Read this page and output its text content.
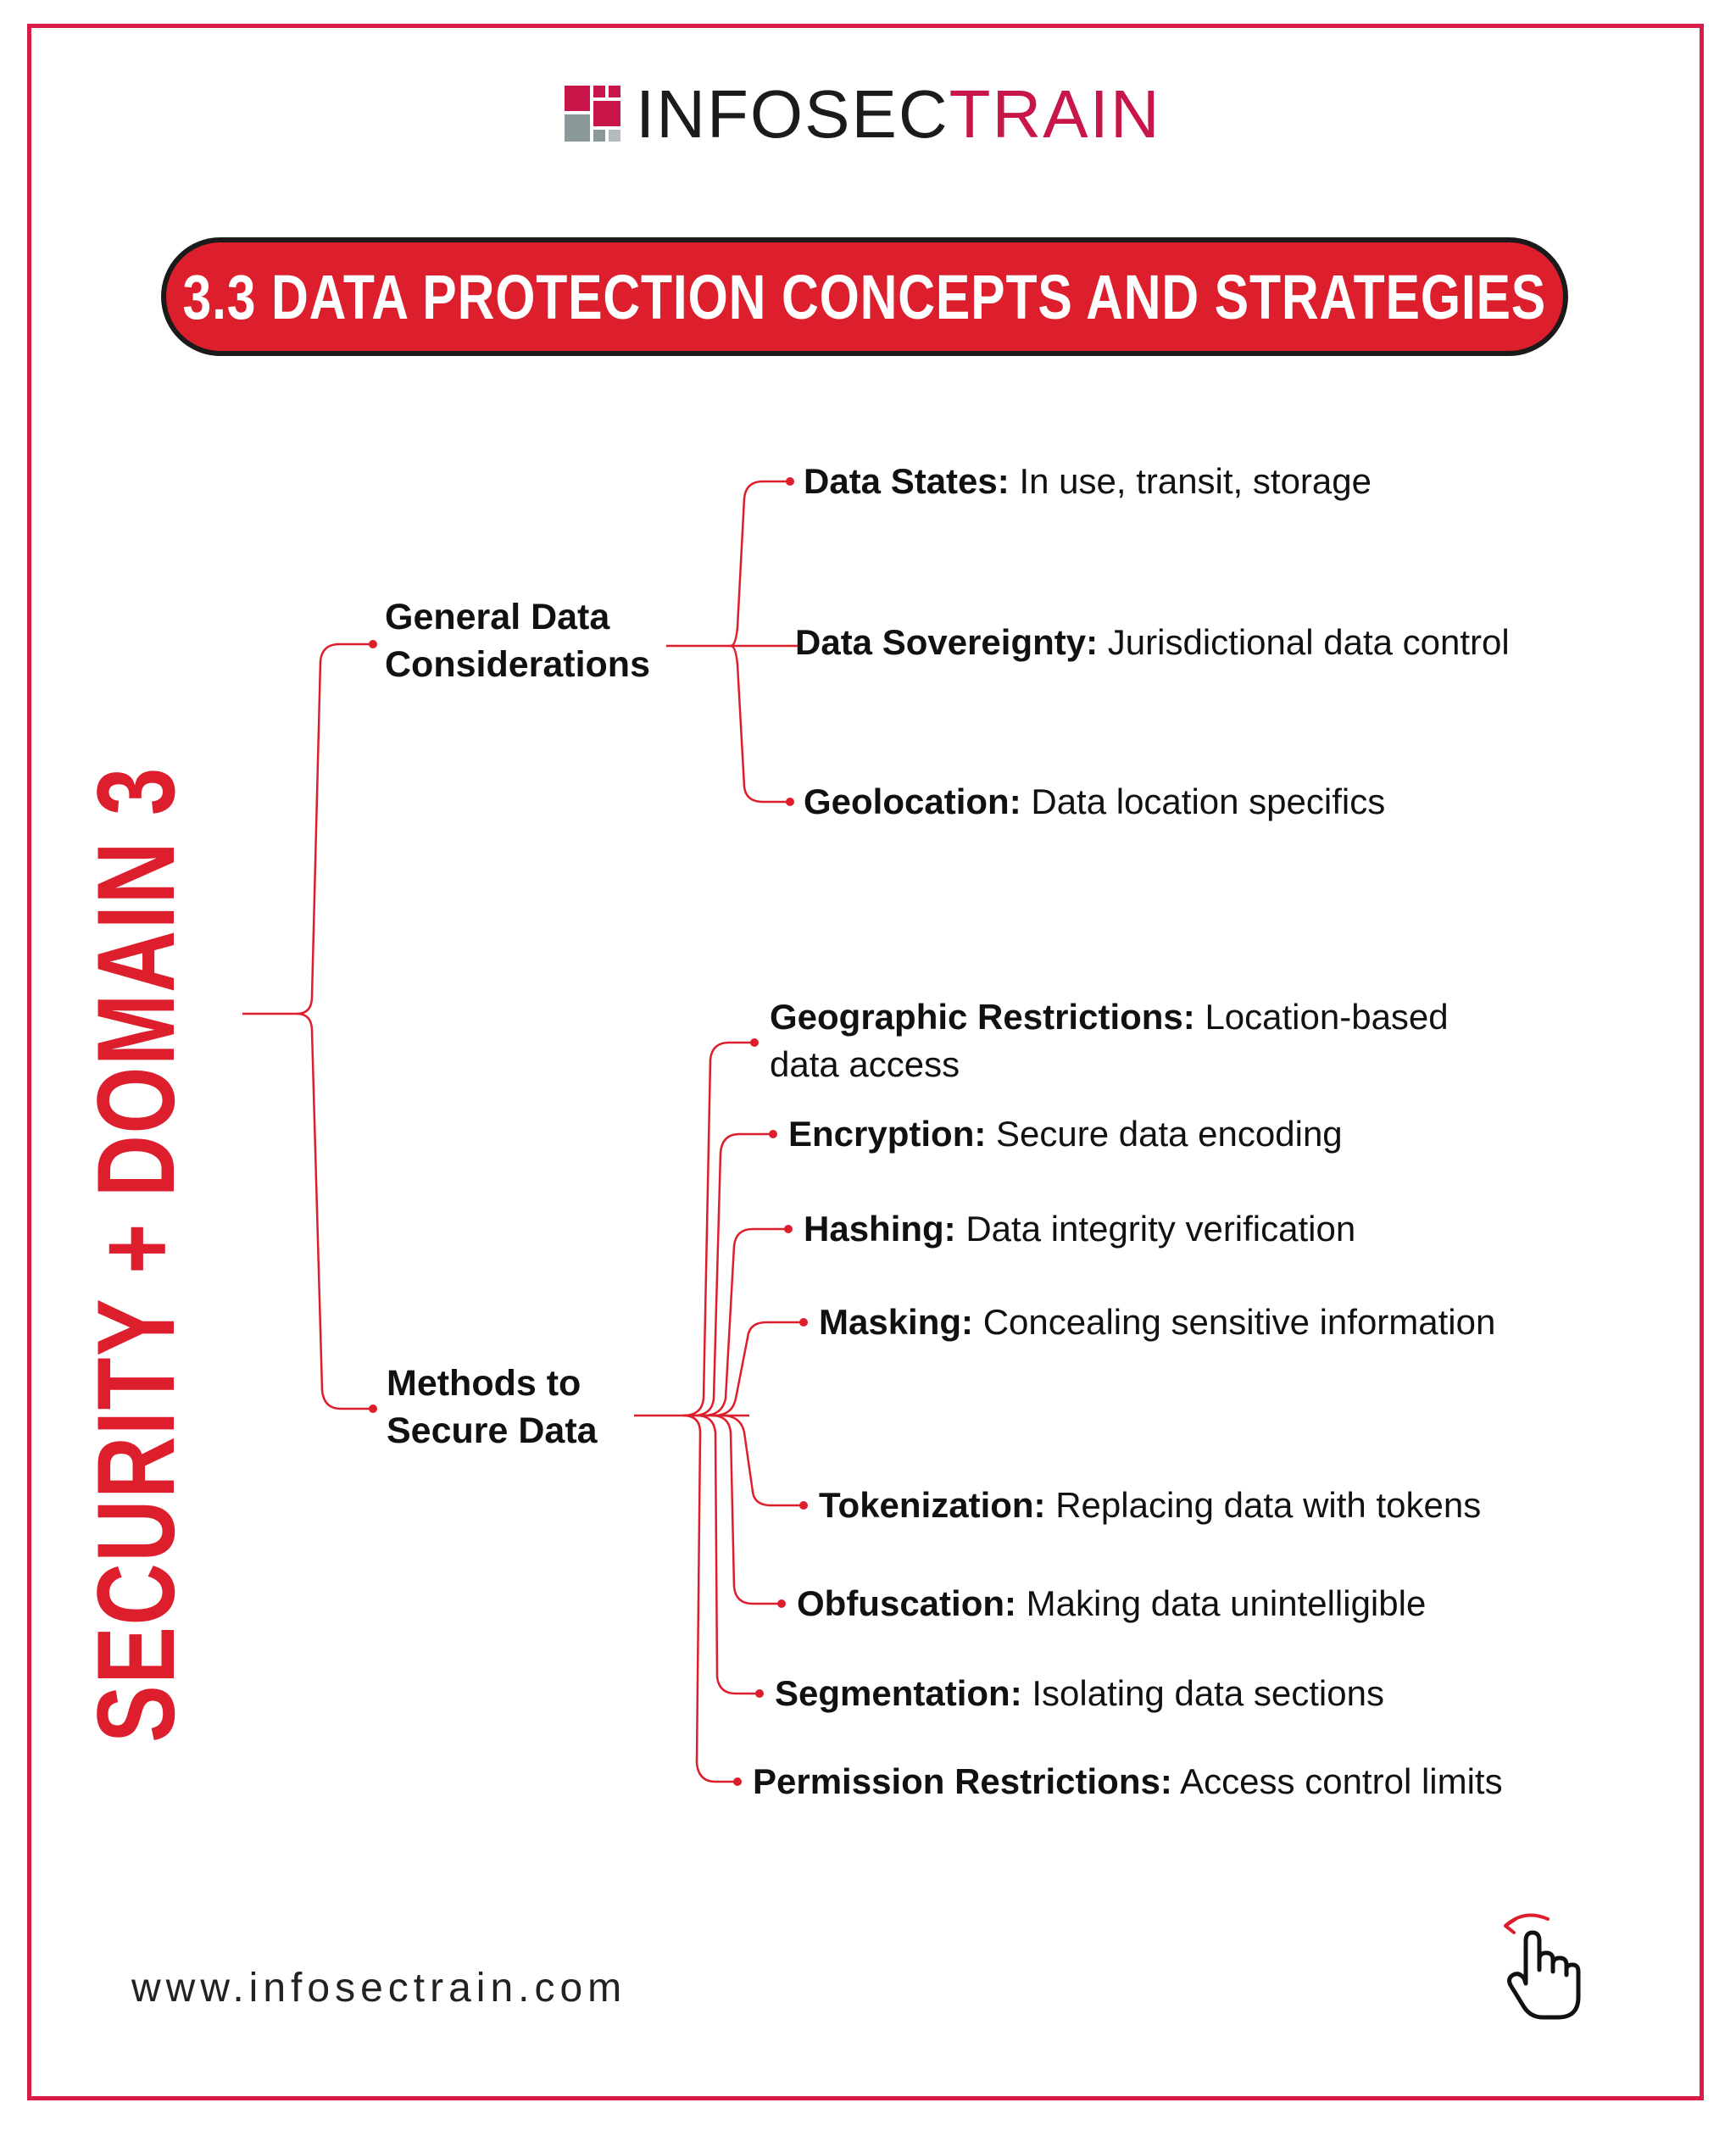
INFOSECTRAIN
3.3 DATA PROTECTION CONCEPTS AND STRATEGIES
SECURITY + DOMAIN 3
General Data Considerations
Methods to Secure Data
Data States: In use, transit, storage
Data Sovereignty: Jurisdictional data control
Geolocation: Data location specifics
Geographic Restrictions: Location-based data access
Encryption: Secure data encoding
Hashing: Data integrity verification
Masking: Concealing sensitive information
Tokenization: Replacing data with tokens
Obfuscation: Making data unintelligible
Segmentation: Isolating data sections
Permission Restrictions: Access control limits
www.infosectrain.com
